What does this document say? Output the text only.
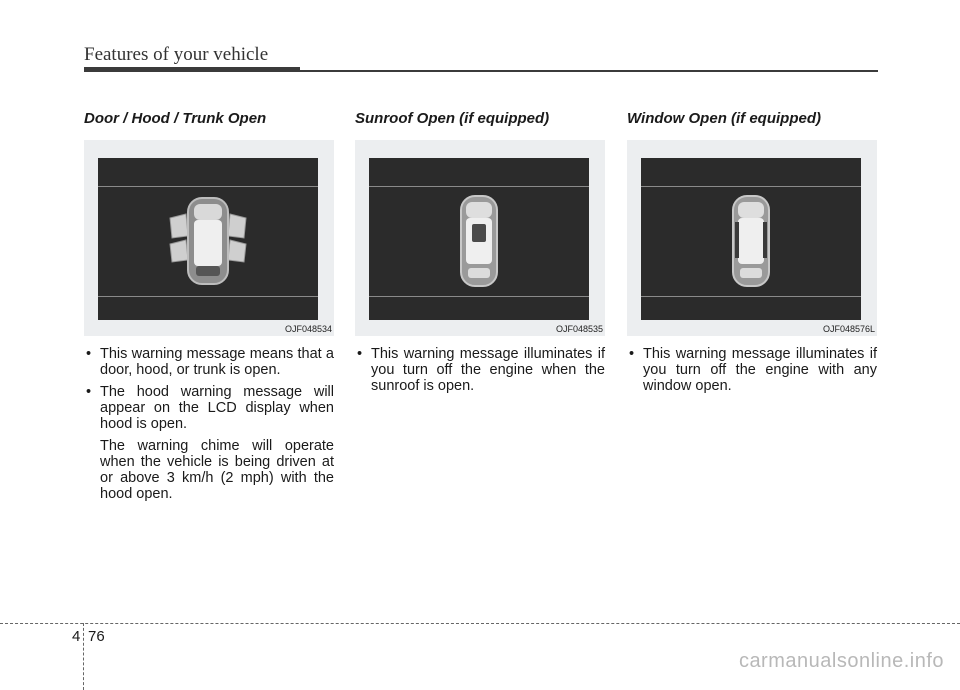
Features of your vehicle
Door / Hood / Trunk Open
OJF048534
• This warning message means that a door, hood, or trunk is open.
• The hood warning message will appear on the LCD display when hood is open.

The warning chime will operate when the vehicle is being driven at or above 3 km/h (2 mph) with the hood open.

Sunroof Open (if equipped)
OJF048535
• This warning message illuminates if you turn off the engine when the sunroof is open.
Window Open (if equipped)
OJF048576L
• This warning message illuminates if you turn off the engine with any window open.
4 76
carmanualsonline.info
